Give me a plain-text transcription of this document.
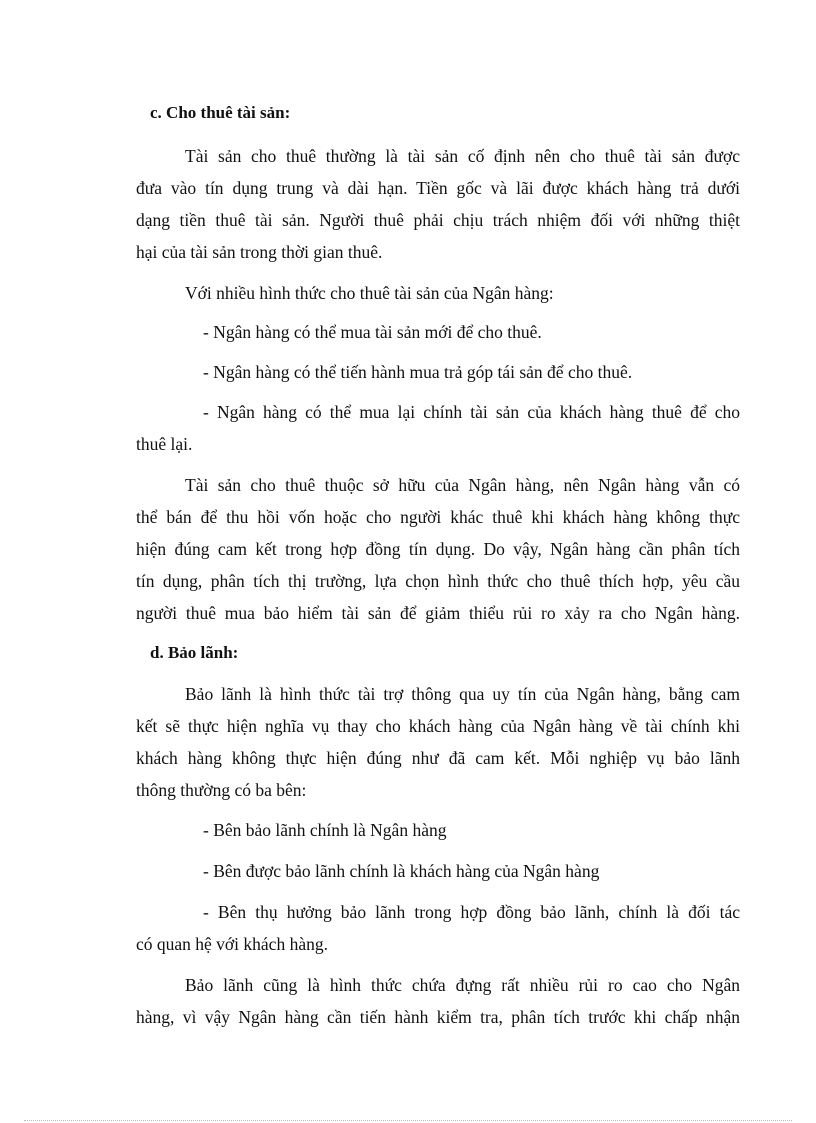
c. Cho thuê tài sản:
Tài sản cho thuê thường là tài sản cố định nên cho thuê tài sản được
đưa vào tín dụng trung và dài hạn. Tiền gốc và lãi được khách hàng trả dưới
dạng tiền thuê tài sản. Người thuê phải chịu trách nhiệm đối với những thiệt
hại của tài sản trong thời gian thuê.
Với nhiều hình thức cho thuê tài sản của Ngân hàng:
- Ngân hàng có thể mua tài sản mới để cho thuê.
- Ngân hàng có thể tiến hành mua trả góp tái sản để cho thuê.
- Ngân hàng có thể mua lại chính tài sản của khách hàng thuê để cho
thuê lại.
Tài sản cho thuê thuộc sở hữu của Ngân hàng, nên Ngân hàng vẫn có
thể bán để thu hồi vốn hoặc cho người khác thuê khi khách hàng không thực
hiện đúng cam kết trong hợp đồng tín dụng. Do vậy, Ngân hàng cần phân tích
tín dụng, phân tích thị trường, lựa chọn hình thức cho thuê thích hợp, yêu cầu
người thuê mua bảo hiểm tài sản để giảm thiểu rủi ro xảy ra cho Ngân hàng.
d. Bảo lãnh:
Bảo lãnh là hình thức tài trợ thông qua uy tín của Ngân hàng, bằng cam
kết sẽ thực hiện nghĩa vụ thay cho khách hàng của Ngân hàng về tài chính khi
khách hàng không thực hiện đúng như đã cam kết. Mỗi nghiệp vụ bảo lãnh
thông thường có ba bên:
- Bên bảo lãnh chính là Ngân hàng
- Bên được bảo lãnh chính là khách hàng của Ngân hàng
- Bên thụ hưởng bảo lãnh trong hợp đồng bảo lãnh, chính là đối tác
có quan hệ với khách hàng.
Bảo lãnh cũng là hình thức chứa đựng rất nhiều rủi ro cao cho Ngân
hàng, vì vậy Ngân hàng cần tiến hành kiểm tra, phân tích trước khi chấp nhận
